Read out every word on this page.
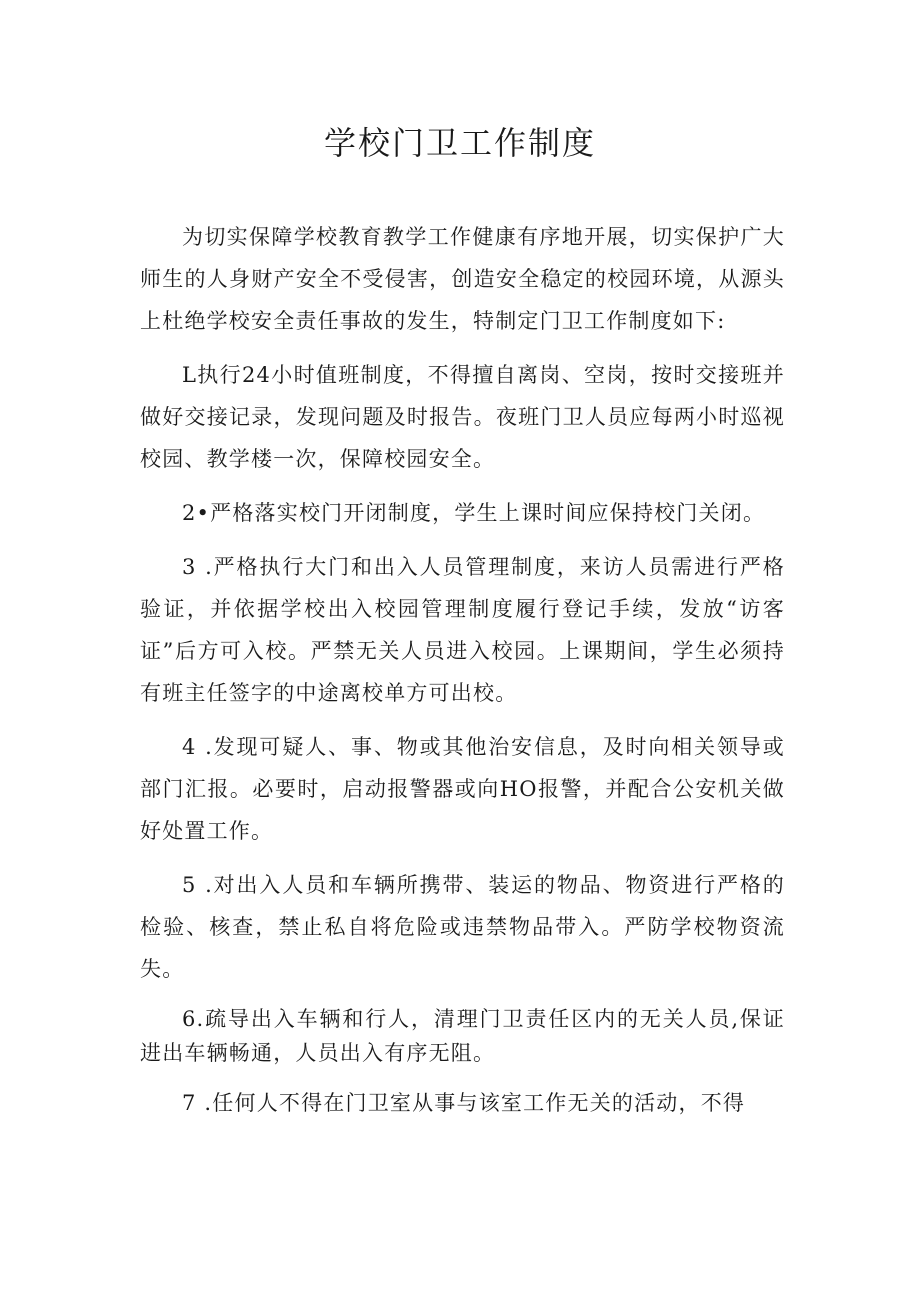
学校门卫工作制度

为切实保障学校教育教学工作健康有序地开展，切实保护广大师生的人身财产安全不受侵害，创造安全稳定的校园环境，从源头上杜绝学校安全责任事故的发生，特制定门卫工作制度如下:

L执行24小时值班制度，不得擅自离岗、空岗，按时交接班并做好交接记录，发现问题及时报告。夜班门卫人员应每两小时巡视校园、教学楼一次，保障校园安全。

2•严格落实校门开闭制度，学生上课时间应保持校门关闭。

3 .严格执行大门和出入人员管理制度，来访人员需进行严格验证，并依据学校出入校园管理制度履行登记手续，发放“访客证”后方可入校。严禁无关人员进入校园。上课期间，学生必须持有班主任签字的中途离校单方可出校。

4 .发现可疑人、事、物或其他治安信息，及时向相关领导或部门汇报。必要时，启动报警器或向HO报警，并配合公安机关做好处置工作。

5 .对出入人员和车辆所携带、装运的物品、物资进行严格的检验、核查，禁止私自将危险或违禁物品带入。严防学校物资流失。

6.疏导出入车辆和行人，清理门卫责任区内的无关人员,保证进出车辆畅通，人员出入有序无阻。

7 .任何人不得在门卫室从事与该室工作无关的活动，不得
